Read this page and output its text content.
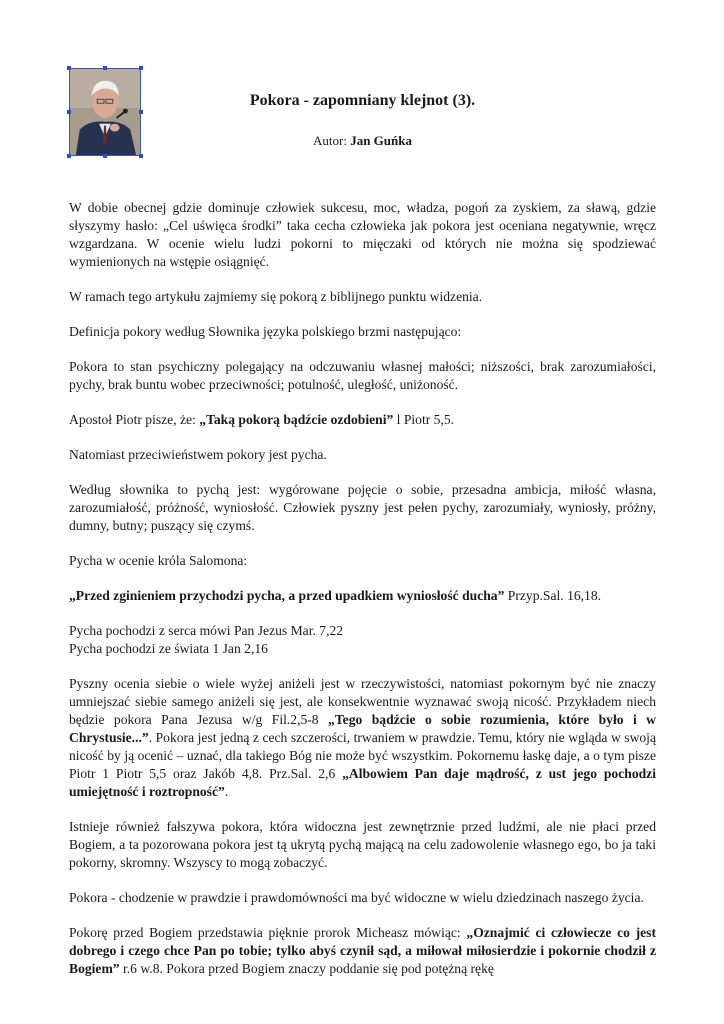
Pokora - zapomniany klejnot (3).

Autor: Jan Guńka

W dobie obecnej gdzie dominuje człowiek sukcesu, moc, władza, pogoń za zyskiem, za sławą, gdzie słyszymy hasło: „Cel uświęca środki” taka cecha człowieka jak pokora jest oceniana negatywnie, wręcz wzgardzana. W ocenie wielu ludzi pokorni to mięczaki od których nie można się spodziewać wymienionych na wstępie osiągnięć.

W ramach tego artykułu zajmiemy się pokorą z biblijnego punktu widzenia.

Definicja pokory według Słownika języka polskiego brzmi następująco:

Pokora to stan psychiczny polegający na odczuwaniu własnej małości; niższości, brak zarozumiałości, pychy, brak buntu wobec przeciwności; potulność, uległość, uniżoność.

Apostoł Piotr pisze, że: „Taką pokorą bądźcie ozdobieni” l Piotr 5,5.

Natomiast przeciwieństwem pokory jest pycha.

Według słownika to pychą jest: wygórowane pojęcie o sobie, przesadna ambicja, miłość własna, zarozumiałość, próżność, wyniosłość. Człowiek pyszny jest pełen pychy, zarozumiały, wyniosły, próżny, dumny, butny; puszący się czymś.

Pycha w ocenie króla Salomona:

„Przed zginieniem przychodzi pycha, a przed upadkiem wyniosłość ducha” Przyp.Sal. 16,18.

Pycha pochodzi z serca mówi Pan Jezus Mar. 7,22

Pycha pochodzi ze świata 1 Jan 2,16

Pyszny ocenia siebie o wiele wyżej aniżeli jest w rzeczywistości, natomiast pokornym być nie znaczy umniejszać siebie samego aniżeli się jest, ale konsekwentnie wyznawać swoją nicość. Przykładem niech będzie pokora Pana Jezusa w/g Fil.2,5-8 „Tego bądźcie o sobie rozumienia, które było i w Chrystusie...”. Pokora jest jedną z cech szczerości, trwaniem w prawdzie. Temu, który nie wgląda w swoją nicość by ją ocenić – uznać, dla takiego Bóg nie może być wszystkim. Pokornemu łaskę daje, a o tym pisze Piotr 1 Piotr 5,5 oraz Jakób 4,8. Prz.Sal. 2,6 „Albowiem Pan daje mądrość, z ust jego pochodzi umiejętność i roztropność”.

Istnieje również fałszywa pokora, która widoczna jest zewnętrznie przed ludźmi, ale nie płaci przed Bogiem, a ta pozorowana pokora jest tą ukrytą pychą mającą na celu zadowolenie własnego ego, bo ja taki pokorny, skromny. Wszyscy to mogą zobaczyć.

Pokora - chodzenie w prawdzie i prawdomówności ma być widoczne w wielu dziedzinach naszego życia.

Pokorę przed Bogiem przedstawia pięknie prorok Micheasz mówiąc: „Oznajmić ci człowiecze co jest dobrego i czego chce Pan po tobie; tylko abyś czynił sąd, a miłował miłosierdzie i pokornie chodził z Bogiem” r.6 w.8. Pokora przed Bogiem znaczy poddanie się pod potężną rękę
